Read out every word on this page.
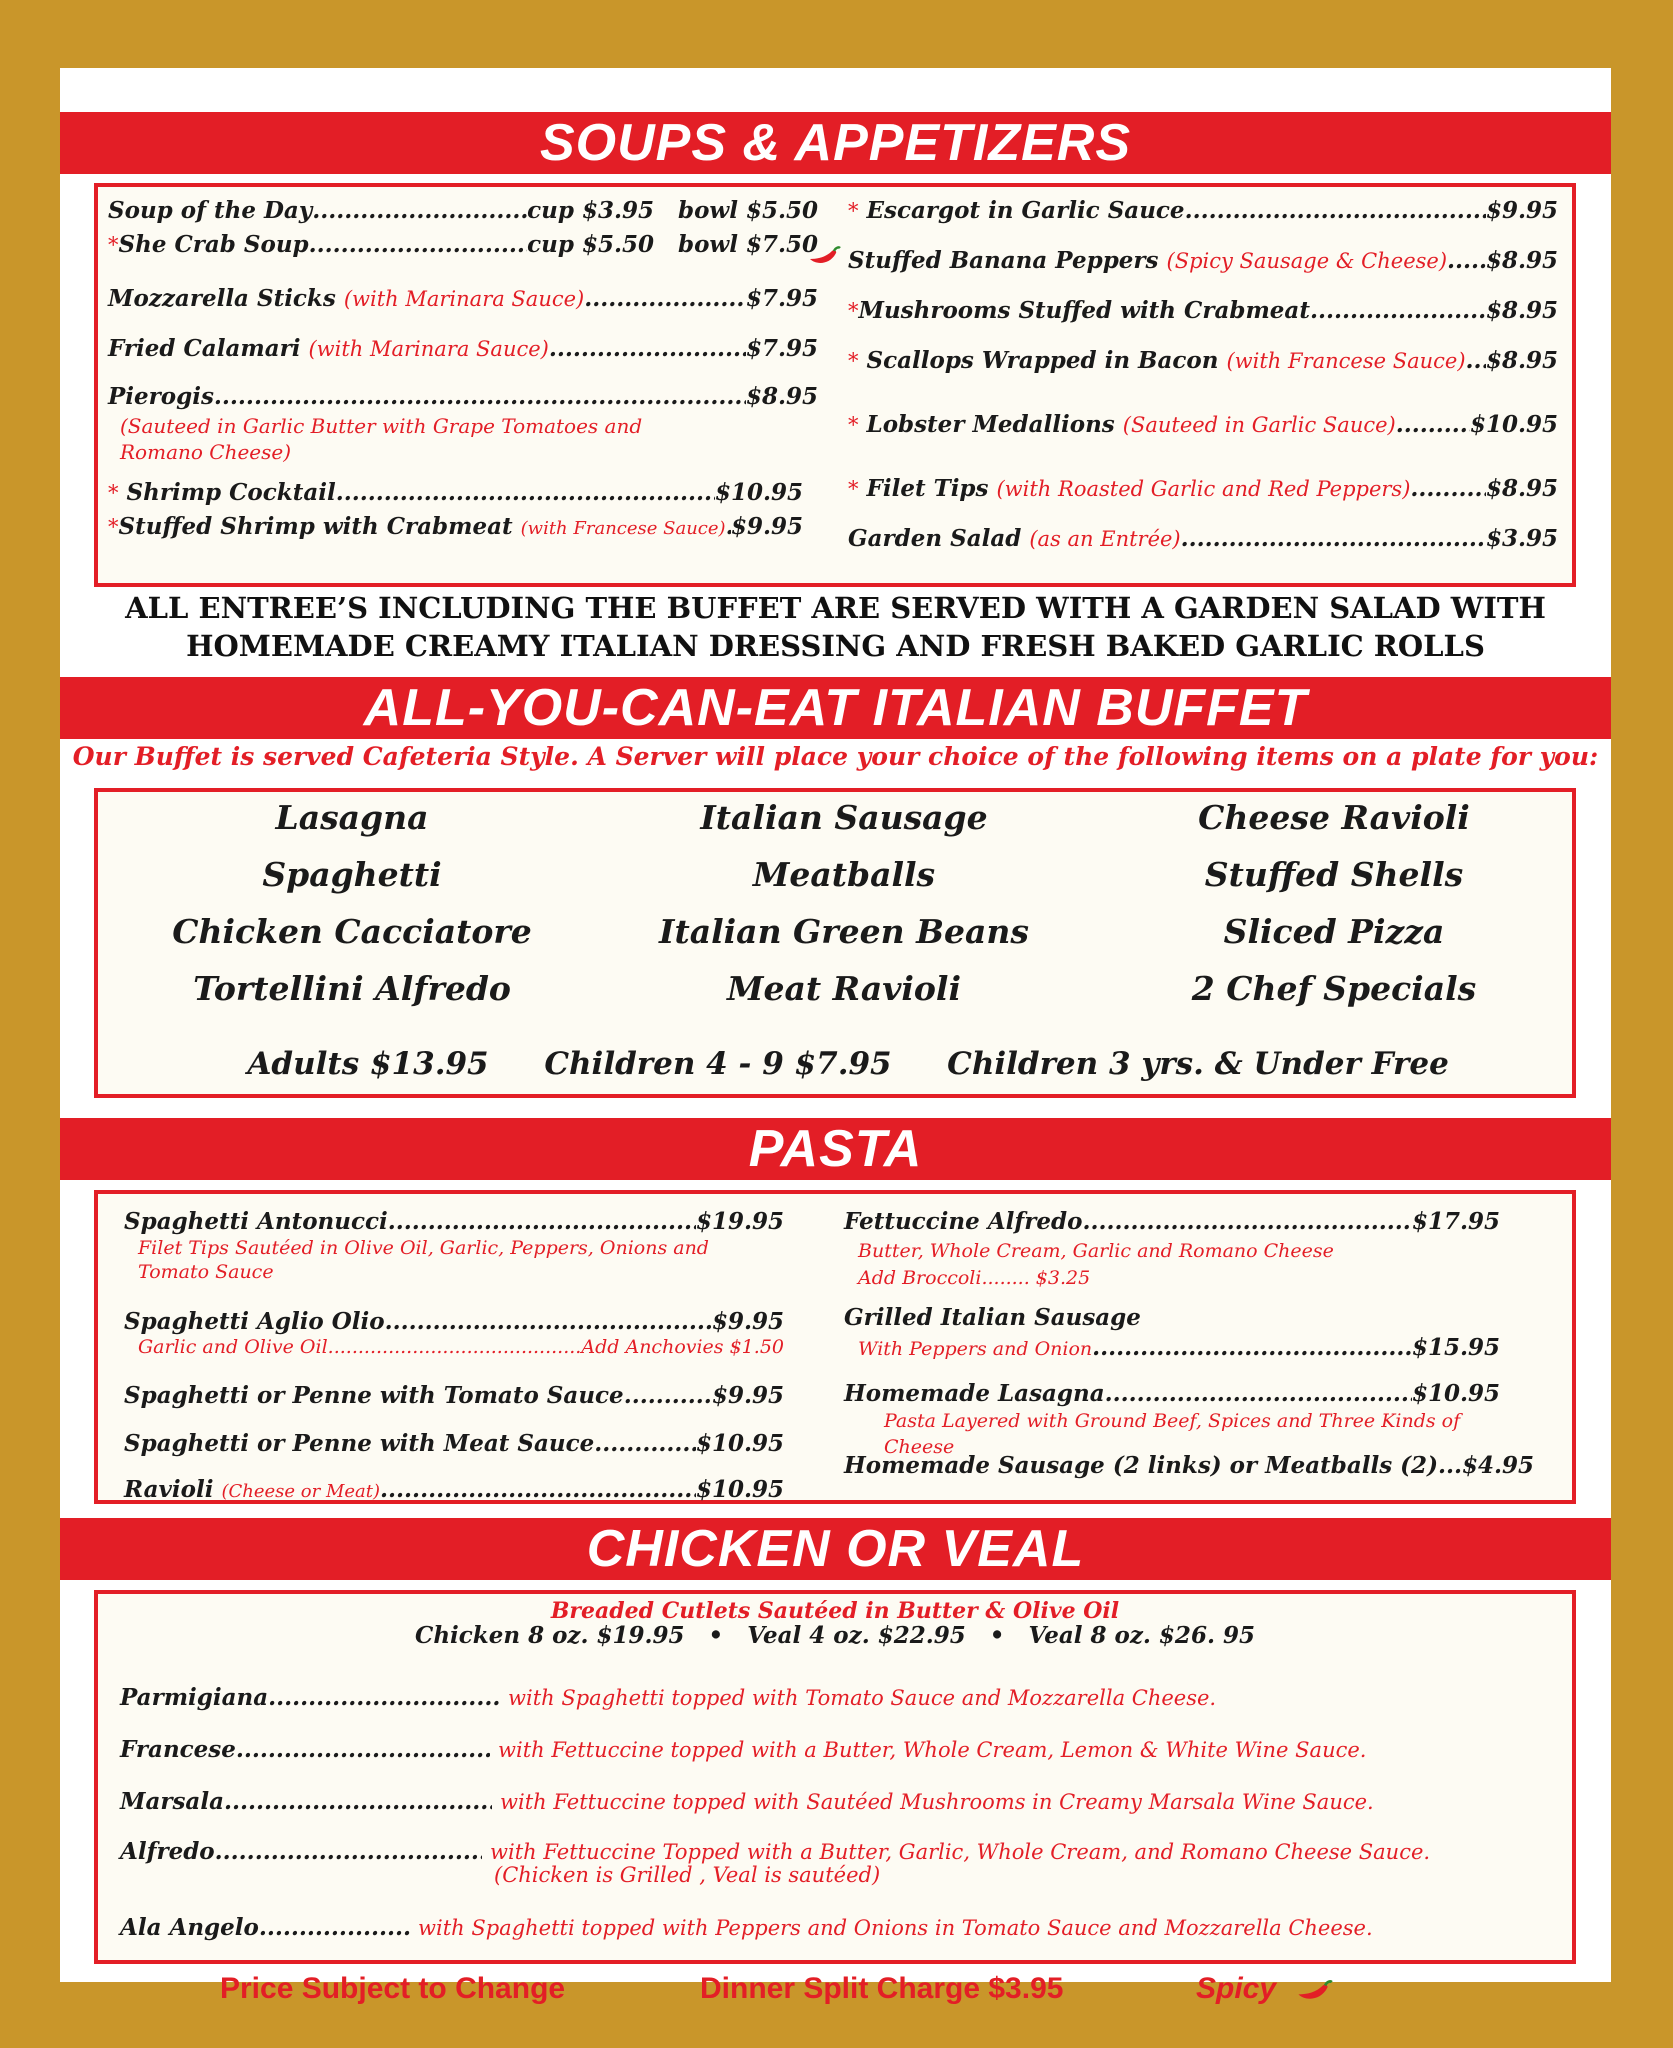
SOUPS & APPETIZERS
Soup of the Day .....	cup $3.95
bowl $5.50
* She Crab Soup .....	cup $5.50
bowl $7.50
Mozzarella Sticks
(with Marinara Sauce) .....	$7.95
Fried Calamari
(with Marinara Sauce) .....	$7.95
Pierogis .....	$8.95
(Sauteed in Garlic Butter with Grape Tomatoes and Romano Cheese)
*
Shrimp Cocktail .....	$10.95
* Stuffed Shrimp with Crabmeat
(with Francese Sauce) ..... $9.95
*
Escargot in Garlic Sauce .....	$9.95
Stuffed Banana Peppers
(Spicy Sausage & Cheese) ..... $8.95
* Mushrooms Stuffed with Crabmeat .....	$8.95
*
Scallops Wrapped in Bacon
(with Francese Sauce) ..... $8.95
*
Lobster Medallions
(Sauteed in Garlic Sauce) .....	$10.95
*
Filet Tips
(with Roasted Garlic and Red Peppers) .....	$8.95
Garden Salad
(as an Entrée) .....	$3.95
ALL ENTREE’S INCLUDING THE BUFFET ARE SERVED WITH A GARDEN SALAD WITH
HOMEMADE CREAMY ITALIAN DRESSING AND FRESH BAKED GARLIC ROLLS
ALL-YOU-CAN-EAT ITALIAN BUFFET
Our Buffet is served Cafeteria Style. A Server will place your choice of the following items on a plate for you:
Lasagna
Spaghetti
Chicken Cacciatore
Tortellini Alfredo
Italian Sausage
Meatballs
Italian Green Beans
Meat Ravioli
Cheese Ravioli
Stuffed Shells
Sliced Pizza
2 Chef Specials
Adults $13.95	Children 4 - 9 $7.95	Children 3 yrs. & Under Free
PASTA
Spaghetti Antonucci .....	$19.95
Filet Tips Sautéed in Olive Oil, Garlic, Peppers, Onions and Tomato Sauce
Spaghetti Aglio Olio .....	$9.95
Garlic and Olive Oil .....	Add Anchovies $1.50
Spaghetti or Penne with Tomato Sauce .....	$9.95
Spaghetti or Penne with Meat Sauce .....	$10.95
Ravioli
(Cheese or Meat) .....	$10.95
Fettuccine Alfredo .....	$17.95
Butter, Whole Cream, Garlic and Romano Cheese
Add Broccoli........ $3.25
Grilled Italian Sausage
With Peppers and Onion .....	$15.95
Homemade Lasagna .....	$10.95
Pasta Layered with Ground Beef, Spices and Three Kinds of Cheese
Homemade Sausage (2 links) or Meatballs (2)...$4.95
CHICKEN OR VEAL
Breaded Cutlets Sautéed in Butter & Olive Oil
Chicken 8 oz. $19.95   •   Veal 4 oz. $22.95   •   Veal 8 oz. $26. 95
Parmigiana .....
	with Spaghetti topped with Tomato Sauce and Mozzarella Cheese.
Francese .....
	with Fettuccine topped with a Butter, Whole Cream, Lemon & White Wine Sauce.
Marsala .....
	with Fettuccine topped with Sautéed Mushrooms in Creamy Marsala Wine Sauce.
Alfredo .....
	with Fettuccine Topped with a Butter, Garlic, Whole Cream, and Romano Cheese Sauce.
(Chicken is Grilled , Veal is sautéed)
Ala Angelo .....
	with Spaghetti topped with Peppers and Onions in Tomato Sauce and Mozzarella Cheese.
Price Subject to Change	Dinner Split Charge $3.95	Spicy
